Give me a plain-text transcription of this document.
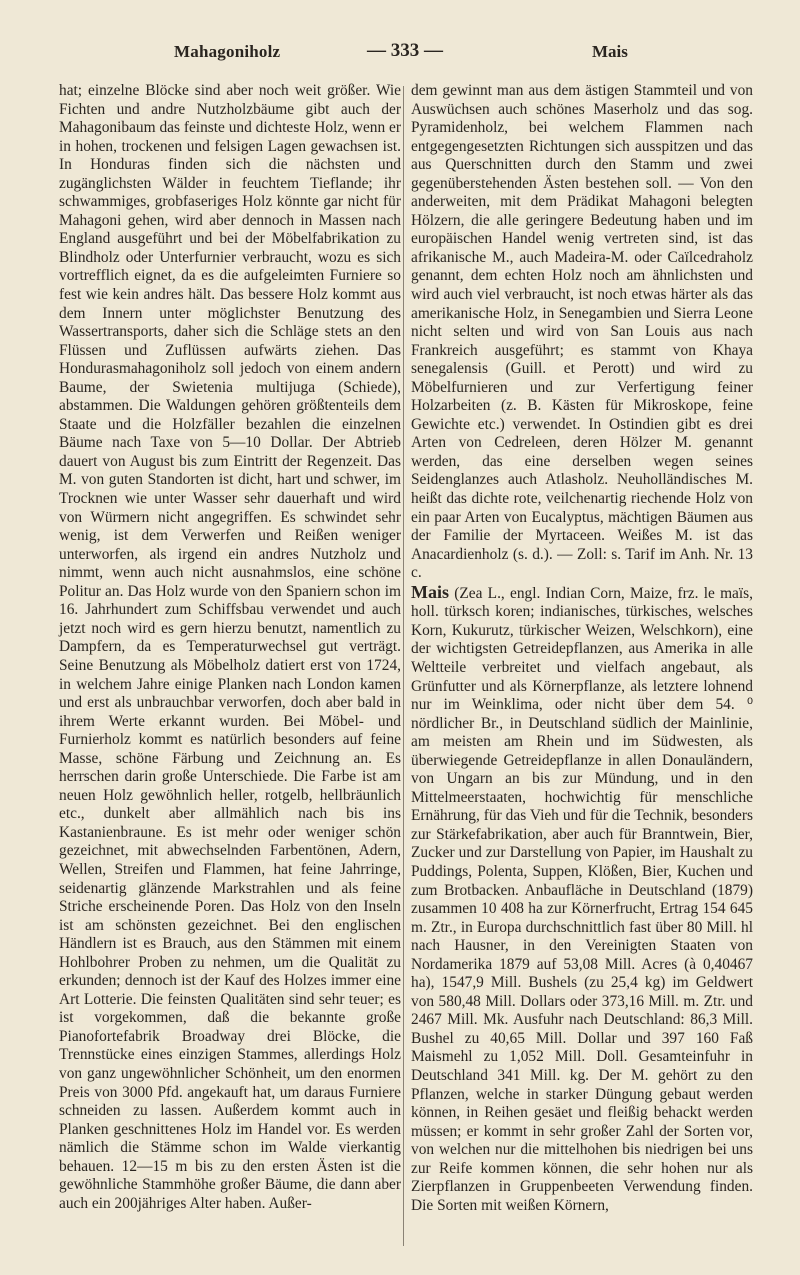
Mahagoniholz	— 333 —	Mais

hat; einzelne Blöcke sind aber noch weit größer. Wie Fichten und andre Nutzholzbäume gibt auch der Mahagonibaum das feinste und dichteste Holz, wenn er in hohen, trockenen und felsigen Lagen gewachsen ist. In Honduras finden sich die nächsten und zugänglichsten Wälder in feuchtem Tieflande; ihr schwammiges, grobfaseriges Holz könnte gar nicht für Mahagoni gehen, wird aber dennoch in Massen nach England ausgeführt und bei der Möbelfabrikation zu Blindholz oder Unterfurnier verbraucht, wozu es sich vortrefflich eignet, da es die aufgeleimten Furniere so fest wie kein andres hält. Das bessere Holz kommt aus dem Innern unter möglichster Benutzung des Wassertransports, daher sich die Schläge stets an den Flüssen und Zuflüssen aufwärts ziehen. Das Hondurasmahagoniholz soll jedoch von einem andern Baume, der Swietenia multijuga (Schiede), abstammen. Die Waldungen gehören größtenteils dem Staate und die Holzfäller bezahlen die einzelnen Bäume nach Taxe von 5—10 Dollar. Der Abtrieb dauert von August bis zum Eintritt der Regenzeit. Das M. von guten Standorten ist dicht, hart und schwer, im Trocknen wie unter Wasser sehr dauerhaft und wird von Würmern nicht angegriffen. Es schwindet sehr wenig, ist dem Verwerfen und Reißen weniger unterworfen, als irgend ein andres Nutzholz und nimmt, wenn auch nicht ausnahmslos, eine schöne Politur an. Das Holz wurde von den Spaniern schon im 16. Jahrhundert zum Schiffsbau verwendet und auch jetzt noch wird es gern hierzu benutzt, namentlich zu Dampfern, da es Temperaturwechsel gut verträgt. Seine Benutzung als Möbelholz datiert erst von 1724, in welchem Jahre einige Planken nach London kamen und erst als unbrauchbar verworfen, doch aber bald in ihrem Werte erkannt wurden. Bei Möbel- und Furnierholz kommt es natürlich besonders auf feine Masse, schöne Färbung und Zeichnung an. Es herrschen darin große Unterschiede. Die Farbe ist am neuen Holz gewöhnlich heller, rotgelb, hellbräunlich etc., dunkelt aber allmählich nach bis ins Kastanienbraune. Es ist mehr oder weniger schön gezeichnet, mit abwechselnden Farbentönen, Adern, Wellen, Streifen und Flammen, hat feine Jahrringe, seidenartig glänzende Markstrahlen und als feine Striche erscheinende Poren. Das Holz von den Inseln ist am schönsten gezeichnet. Bei den englischen Händlern ist es Brauch, aus den Stämmen mit einem Hohlbohrer Proben zu nehmen, um die Qualität zu erkunden; dennoch ist der Kauf des Holzes immer eine Art Lotterie. Die feinsten Qualitäten sind sehr teuer; es ist vorgekommen, daß die bekannte große Pianofortefabrik Broadway drei Blöcke, die Trennstücke eines einzigen Stammes, allerdings Holz von ganz ungewöhnlicher Schönheit, um den enormen Preis von 3000 Pfd. angekauft hat, um daraus Furniere schneiden zu lassen. Außerdem kommt auch in Planken geschnittenes Holz im Handel vor. Es werden nämlich die Stämme schon im Walde vierkantig behauen. 12—15 m bis zu den ersten Ästen ist die gewöhnliche Stammhöhe großer Bäume, die dann aber auch ein 200jähriges Alter haben. Außer-

dem gewinnt man aus dem ästigen Stammteil und von Auswüchsen auch schönes Maserholz und das sog. Pyramidenholz, bei welchem Flammen nach entgegengesetzten Richtungen sich ausspitzen und das aus Querschnitten durch den Stamm und zwei gegenüberstehenden Ästen bestehen soll. — Von den anderweiten, mit dem Prädikat Mahagoni belegten Hölzern, die alle geringere Bedeutung haben und im europäischen Handel wenig vertreten sind, ist das afrikanische M., auch Madeira-M. oder Caïlcedraholz genannt, dem echten Holz noch am ähnlichsten und wird auch viel verbraucht, ist noch etwas härter als das amerikanische Holz, in Senegambien und Sierra Leone nicht selten und wird von San Louis aus nach Frankreich ausgeführt; es stammt von Khaya senegalensis (Guill. et Perott) und wird zu Möbelfurnieren und zur Verfertigung feiner Holzarbeiten (z. B. Kästen für Mikroskope, feine Gewichte etc.) verwendet. In Ostindien gibt es drei Arten von Cedreleen, deren Hölzer M. genannt werden, das eine derselben wegen seines Seidenglanzes auch Atlasholz. Neuholländisches M. heißt das dichte rote, veilchenartig riechende Holz von ein paar Arten von Eucalyptus, mächtigen Bäumen aus der Familie der Myrtaceen. Weißes M. ist das Anacardienholz (s. d.). — Zoll: s. Tarif im Anh. Nr. 13 c.

Mais (Zea L., engl. Indian Corn, Maize, frz. le maïs, holl. türksch koren; indianisches, türkisches, welsches Korn, Kukurutz, türkischer Weizen, Welschkorn), eine der wichtigsten Getreidepflanzen, aus Amerika in alle Weltteile verbreitet und vielfach angebaut, als Grünfutter und als Körnerpflanze, als letztere lohnend nur im Weinklima, oder nicht über dem 54. ⁰ nördlicher Br., in Deutschland südlich der Mainlinie, am meisten am Rhein und im Südwesten, als überwiegende Getreidepflanze in allen Donauländern, von Ungarn an bis zur Mündung, und in den Mittelmeerstaaten, hochwichtig für menschliche Ernährung, für das Vieh und für die Technik, besonders zur Stärkefabrikation, aber auch für Branntwein, Bier, Zucker und zur Darstellung von Papier, im Haushalt zu Puddings, Polenta, Suppen, Klößen, Bier, Kuchen und zum Brotbacken. Anbaufläche in Deutschland (1879) zusammen 10 408 ha zur Körnerfrucht, Ertrag 154 645 m. Ztr., in Europa durchschnittlich fast über 80 Mill. hl nach Hausner, in den Vereinigten Staaten von Nordamerika 1879 auf 53,08 Mill. Acres (à 0,40467 ha), 1547,9 Mill. Bushels (zu 25,4 kg) im Geldwert von 580,48 Mill. Dollars oder 373,16 Mill. m. Ztr. und 2467 Mill. Mk. Ausfuhr nach Deutschland: 86,3 Mill. Bushel zu 40,65 Mill. Dollar und 397 160 Faß Maismehl zu 1,052 Mill. Doll. Gesamteinfuhr in Deutschland 341 Mill. kg. Der M. gehört zu den Pflanzen, welche in starker Düngung gebaut werden können, in Reihen gesäet und fleißig behackt werden müssen; er kommt in sehr großer Zahl der Sorten vor, von welchen nur die mittelhohen bis niedrigen bei uns zur Reife kommen können, die sehr hohen nur als Zierpflanzen in Gruppenbeeten Verwendung finden. Die Sorten mit weißen Körnern,
